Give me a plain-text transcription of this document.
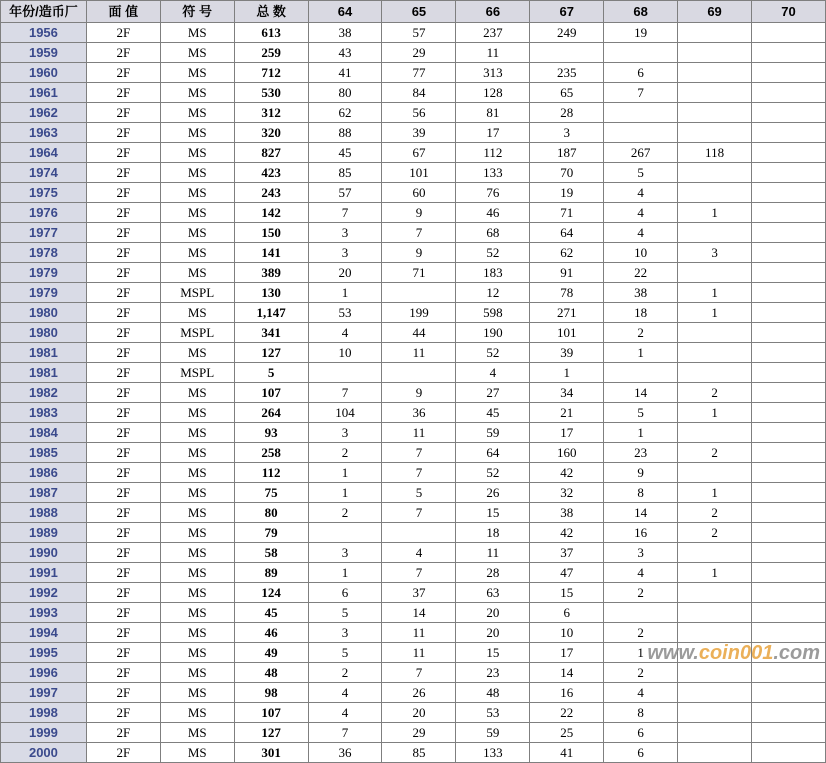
年份/造币厂	面 值	符 号	总 数	64	65	66	67	68	69	70
1956	2F	MS	613	38	57	237	249	19		
1959	2F	MS	259	43	29	11				
1960	2F	MS	712	41	77	313	235	6		
1961	2F	MS	530	80	84	128	65	7		
1962	2F	MS	312	62	56	81	28			
1963	2F	MS	320	88	39	17	3			
1964	2F	MS	827	45	67	112	187	267	118	
1974	2F	MS	423	85	101	133	70	5		
1975	2F	MS	243	57	60	76	19	4		
1976	2F	MS	142	7	9	46	71	4	1	
1977	2F	MS	150	3	7	68	64	4		
1978	2F	MS	141	3	9	52	62	10	3	
1979	2F	MS	389	20	71	183	91	22		
1979	2F	MSPL	130	1		12	78	38	1	
1980	2F	MS	1,147	53	199	598	271	18	1	
1980	2F	MSPL	341	4	44	190	101	2		
1981	2F	MS	127	10	11	52	39	1		
1981	2F	MSPL	5			4	1			
1982	2F	MS	107	7	9	27	34	14	2	
1983	2F	MS	264	104	36	45	21	5	1	
1984	2F	MS	93	3	11	59	17	1		
1985	2F	MS	258	2	7	64	160	23	2	
1986	2F	MS	112	1	7	52	42	9		
1987	2F	MS	75	1	5	26	32	8	1	
1988	2F	MS	80	2	7	15	38	14	2	
1989	2F	MS	79			18	42	16	2	
1990	2F	MS	58	3	4	11	37	3		
1991	2F	MS	89	1	7	28	47	4	1	
1992	2F	MS	124	6	37	63	15	2		
1993	2F	MS	45	5	14	20	6			
1994	2F	MS	46	3	11	20	10	2		
1995	2F	MS	49	5	11	15	17	1		
1996	2F	MS	48	2	7	23	14	2		
1997	2F	MS	98	4	26	48	16	4		
1998	2F	MS	107	4	20	53	22	8		
1999	2F	MS	127	7	29	59	25	6		
2000	2F	MS	301	36	85	133	41	6		
www.coin001.com
